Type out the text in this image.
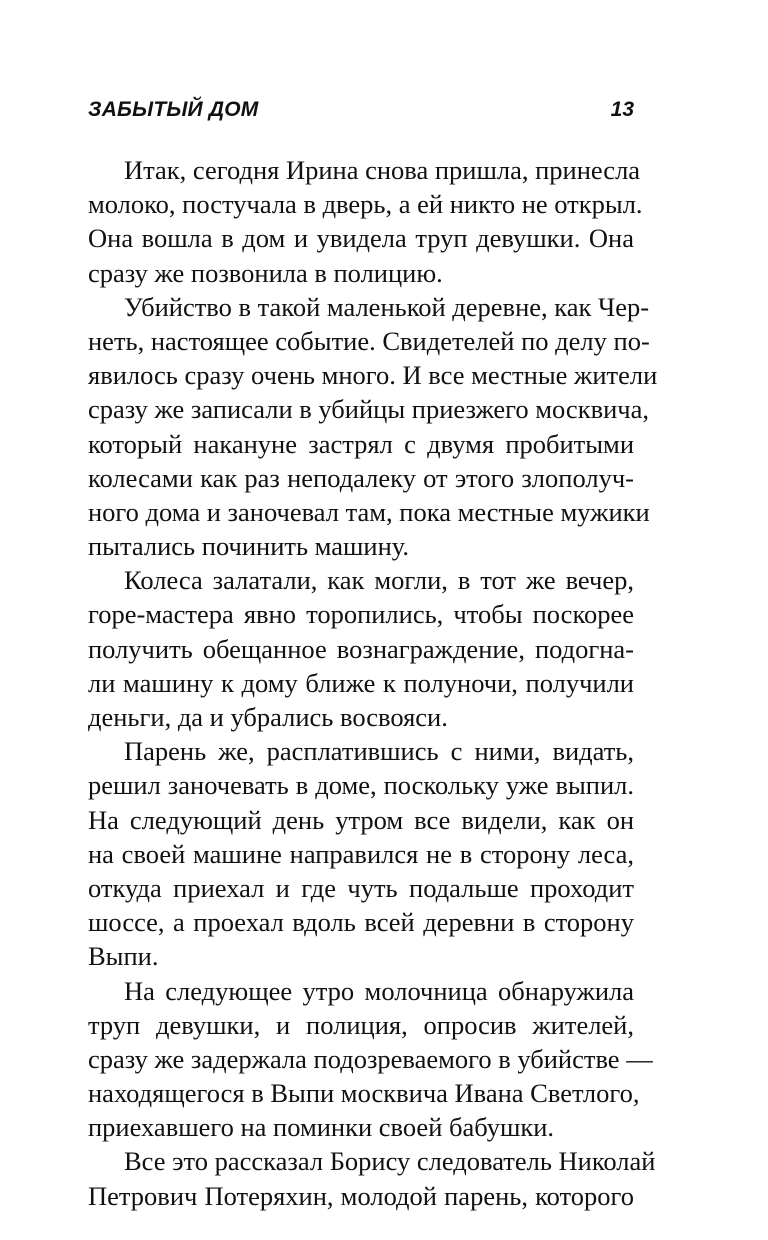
ЗАБЫТЫЙ ДОМ	13
Итак, сегодня Ирина снова пришла, принесла
молоко, постучала в дверь, а ей никто не открыл.
Она вошла в дом и увидела труп девушки. Она
сразу же позвонила в полицию.
Убийство в такой маленькой деревне, как Чер-
неть, настоящее событие. Свидетелей по делу по-
явилось сразу очень много. И все местные жители
сразу же записали в убийцы приезжего москвича,
который накануне застрял с двумя пробитыми
колесами как раз неподалеку от этого злополуч-
ного дома и заночевал там, пока местные мужики
пытались починить машину.
Колеса залатали, как могли, в тот же вечер,
горе-мастера явно торопились, чтобы поскорее
получить обещанное вознаграждение, подогна-
ли машину к дому ближе к полуночи, получили
деньги, да и убрались восвояси.
Парень же, расплатившись с ними, видать,
решил заночевать в доме, поскольку уже выпил.
На следующий день утром все видели, как он
на своей машине направился не в сторону леса,
откуда приехал и где чуть подальше проходит
шоссе, а проехал вдоль всей деревни в сторону
Выпи.
На следующее утро молочница обнаружила
труп девушки, и полиция, опросив жителей,
сразу же задержала подозреваемого в убийстве —
находящегося в Выпи москвича Ивана Светлого,
приехавшего на поминки своей бабушки.
Все это рассказал Борису следователь Николай
Петрович Потеряхин, молодой парень, которого
